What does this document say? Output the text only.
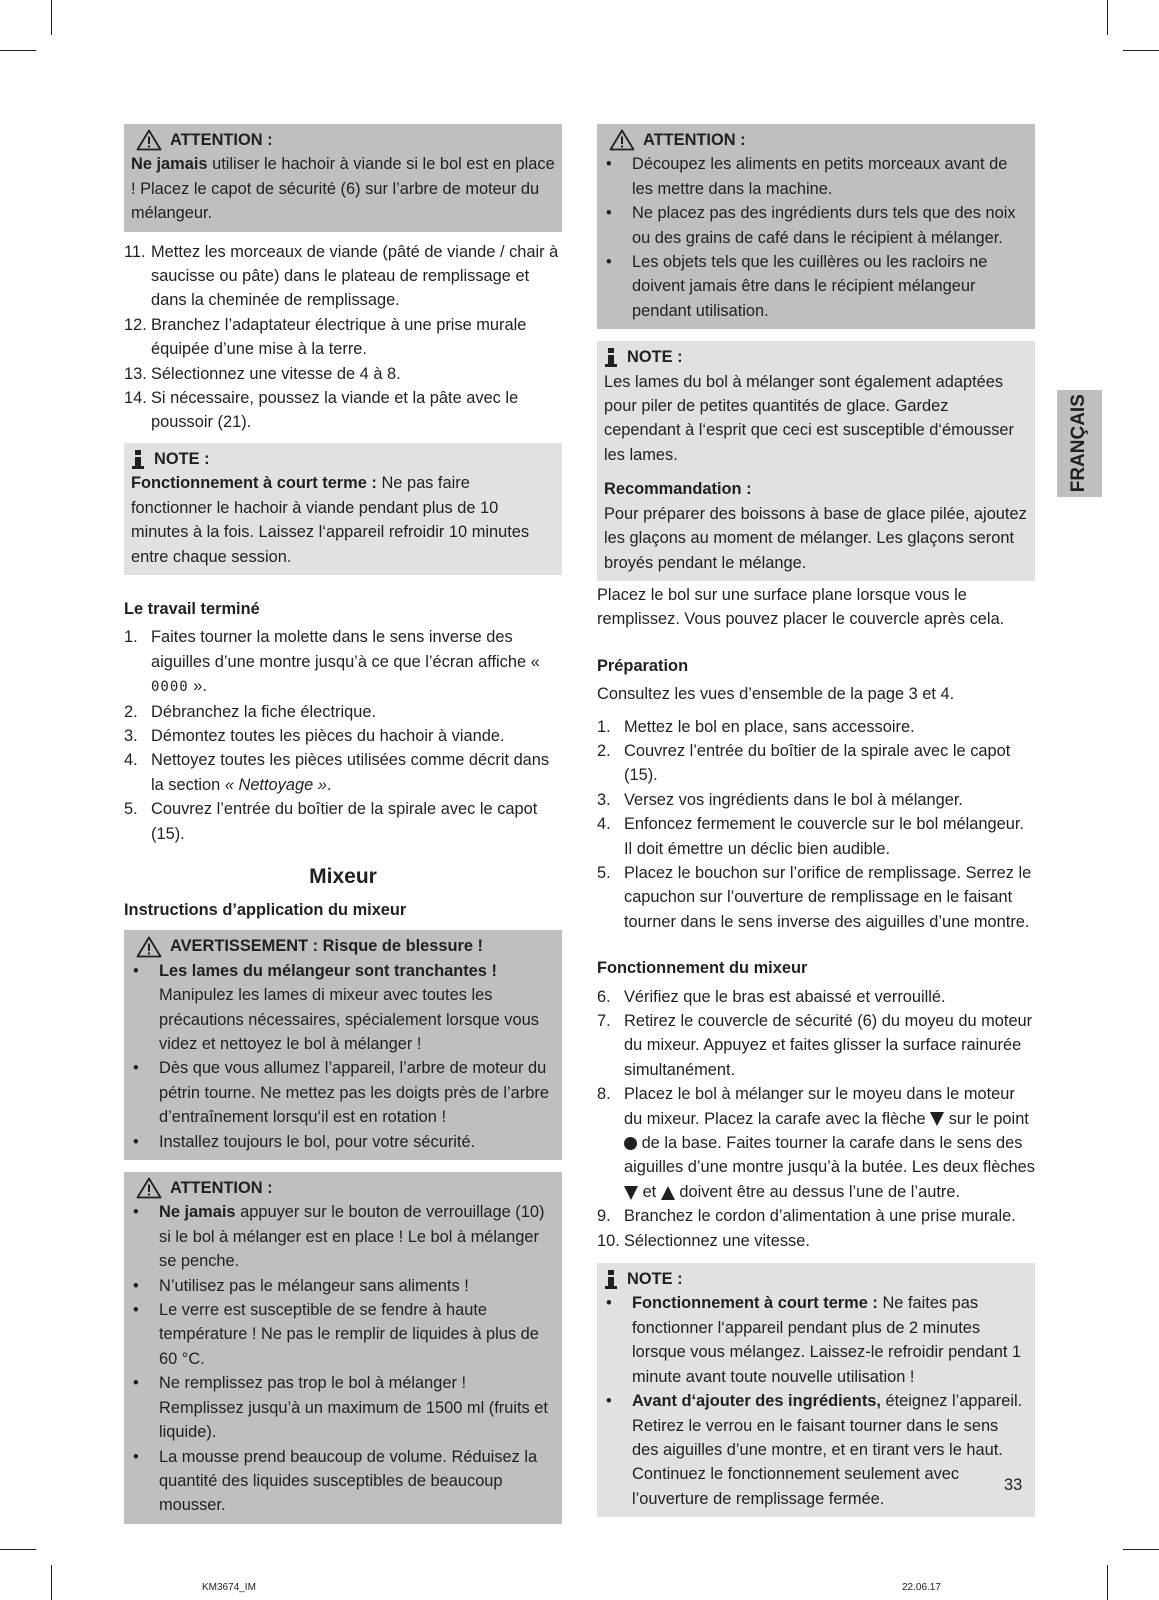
ATTENTION :

Ne jamais utiliser le hachoir à viande si le bol est en place ! Placez le capot de sécurité (6) sur l’arbre de moteur du mélangeur.

11. Mettez les morceaux de viande (pâté de viande / chair à saucisse ou pâte) dans le plateau de remplissage et dans la cheminée de remplissage.
12. Branchez l’adaptateur électrique à une prise murale équipée d’une mise à la terre.
13. Sélectionnez une vitesse de 4 à 8.
14. Si nécessaire, poussez la viande et la pâte avec le poussoir (21).
NOTE :

Fonctionnement à court terme : Ne pas faire fonctionner le hachoir à viande pendant plus de 10 minutes à la fois. Laissez l‘appareil refroidir 10 minutes entre chaque session.

Le travail terminé
1. Faites tourner la molette dans le sens inverse des aiguilles d’une montre jusqu’à ce que l’écran affiche « 0000 ».
2. Débranchez la fiche électrique.
3. Démontez toutes les pièces du hachoir à viande.
4. Nettoyez toutes les pièces utilisées comme décrit dans la section « Nettoyage ».
5. Couvrez l’entrée du boîtier de la spirale avec le capot (15).
Mixeur
Instructions d’application du mixeur
AVERTISSEMENT : Risque de blessure !
•	Les lames du mélangeur sont tranchantes ! Manipulez les lames di mixeur avec toutes les précautions nécessaires, spécialement lorsque vous videz et nettoyez le bol à mélanger !
•	Dès que vous allumez l’appareil, l’arbre de moteur du pétrin tourne. Ne mettez pas les doigts près de l’arbre d’entraînement lorsqu‘il est en rotation !
•	Installez toujours le bol, pour votre sécurité.
ATTENTION :
•	Ne jamais appuyer sur le bouton de verrouillage (10) si le bol à mélanger est en place ! Le bol à mélanger se penche.
•	N’utilisez pas le mélangeur sans aliments !
•	Le verre est susceptible de se fendre à haute température ! Ne pas le remplir de liquides à plus de 60 °C.
•	Ne remplissez pas trop le bol à mélanger ! Remplissez jusqu’à un maximum de 1500 ml (fruits et liquide).
•	La mousse prend beaucoup de volume. Réduisez la quantité des liquides susceptibles de beaucoup mousser.
ATTENTION :
•	Découpez les aliments en petits morceaux avant de les mettre dans la machine.
•	Ne placez pas des ingrédients durs tels que des noix ou des grains de café dans le récipient à mélanger.
•	Les objets tels que les cuillères ou les racloirs ne doivent jamais être dans le récipient mélangeur pendant utilisation.
NOTE :

Les lames du bol à mélanger sont également adaptées pour piler de petites quantités de glace. Gardez cependant à l‘esprit que ceci est susceptible d‘émousser les lames.

Recommandation :

Pour préparer des boissons à base de glace pilée, ajoutez les glaçons au moment de mélanger. Les glaçons seront broyés pendant le mélange.

Placez le bol sur une surface plane lorsque vous le remplissez. Vous pouvez placer le couvercle après cela.

Préparation

Consultez les vues d’ensemble de la page 3 et 4.

1. Mettez le bol en place, sans accessoire.
2. Couvrez l’entrée du boîtier de la spirale avec le capot (15).
3. Versez vos ingrédients dans le bol à mélanger.
4. Enfoncez fermement le couvercle sur le bol mélangeur. Il doit émettre un déclic bien audible.
5. Placez le bouchon sur l’orifice de remplissage. Serrez le capuchon sur l’ouverture de remplissage en le faisant tourner dans le sens inverse des aiguilles d’une montre.
Fonctionnement du mixeur
6. Vérifiez que le bras est abaissé et verrouillé.
7. Retirez le couvercle de sécurité (6) du moyeu du moteur du mixeur. Appuyez et faites glisser la surface rainurée simultanément.
8. Placez le bol à mélanger sur le moyeu dans le moteur du mixeur. Placez la carafe avec la flèche sur le point
de la base. Faites tourner la carafe dans le sens des aiguilles d’une montre jusqu’à la butée. Les deux flèches
et doivent être au dessus l’une de l’autre.
9. Branchez le cordon d’alimentation à une prise murale.
10. Sélectionnez une vitesse.
NOTE :
•	Fonctionnement à court terme : Ne faites pas fonctionner l‘appareil pendant plus de 2 minutes lorsque vous mélangez. Laissez-le refroidir pendant 1 minute avant toute nouvelle utilisation !
•	Avant d‘ajouter des ingrédients, éteignez l’appareil. Retirez le verrou en le faisant tourner dans le sens des aiguilles d’une montre, et en tirant vers le haut. Continuez le fonctionnement seulement avec l’ouverture de remplissage fermée.
FRANÇAIS
33
KM3674_IM	22.06.17
